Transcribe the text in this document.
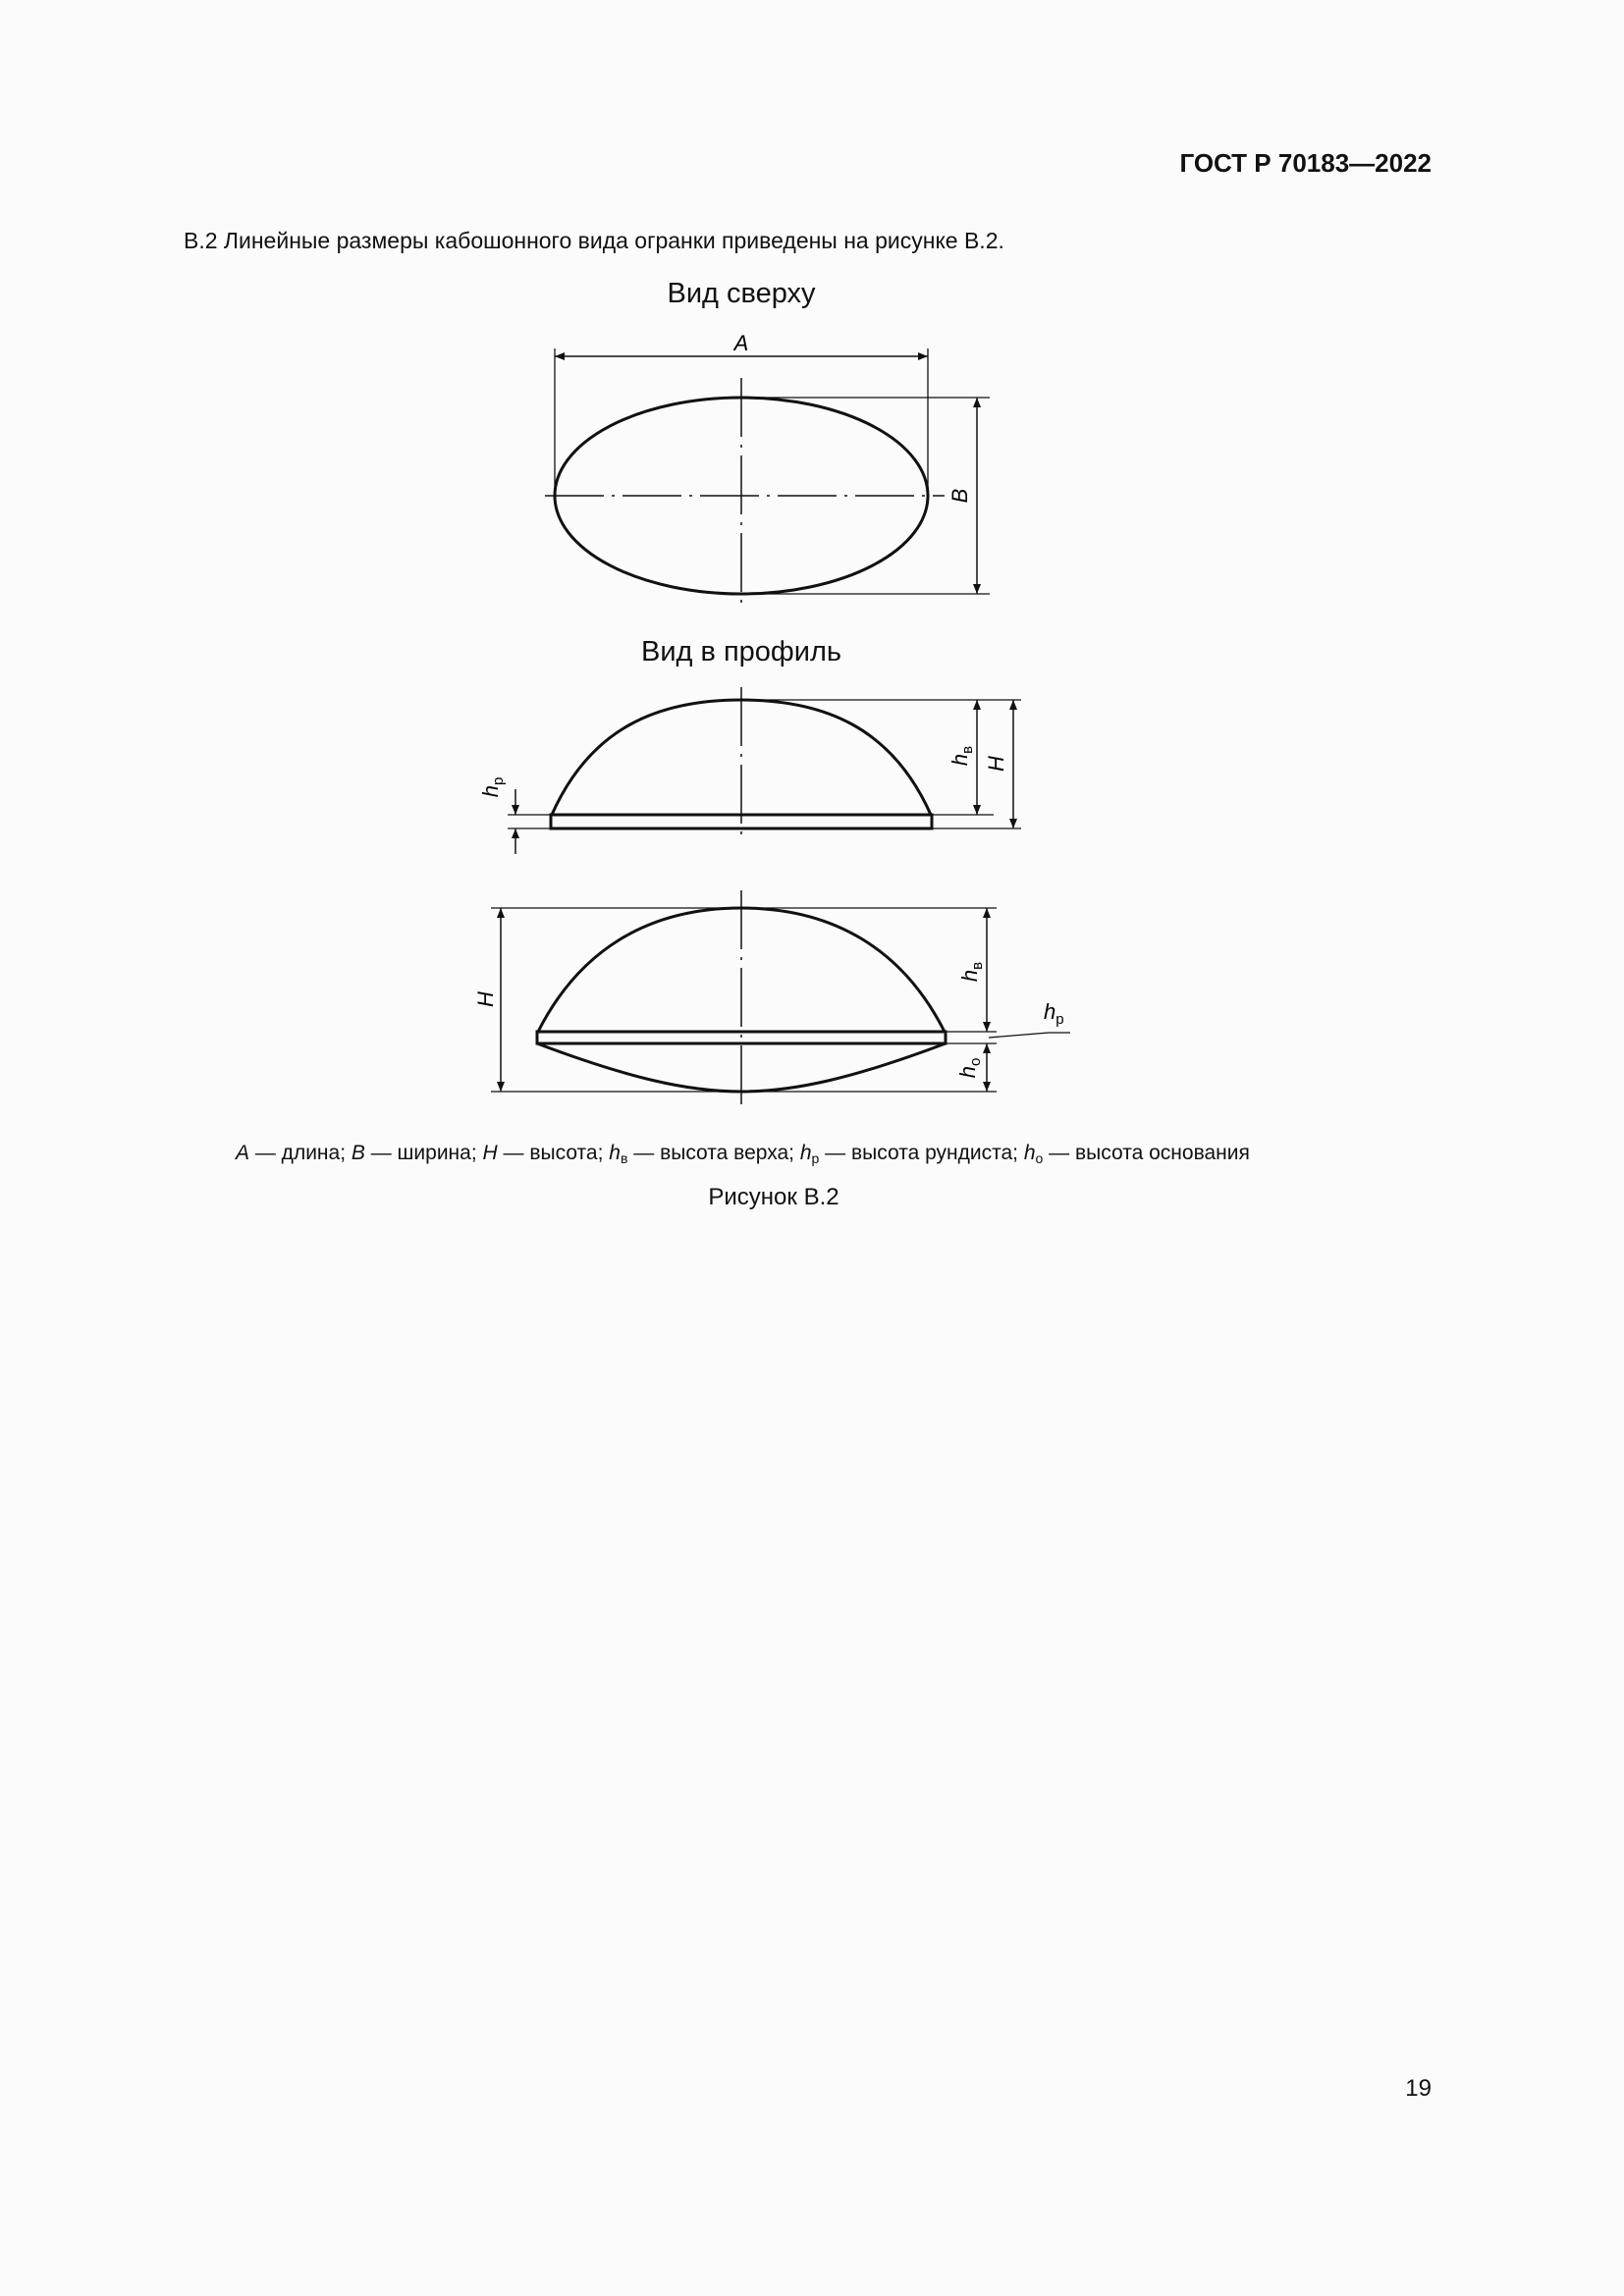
ГОСТ Р 70183—2022
B.2 Линейные размеры кабошонного вида огранки приведены на рисунке B.2.
Вид сверху
Вид в профиль
A
B
$h_в$
H
$h_р$
H
$h_в$
$h_о$
$h_р$
A — длина; B — ширина; H — высота; $h_в$ — высота верха; $h_р$ — высота рундиста; $h_о$ — высота основания
Рисунок B.2
19
